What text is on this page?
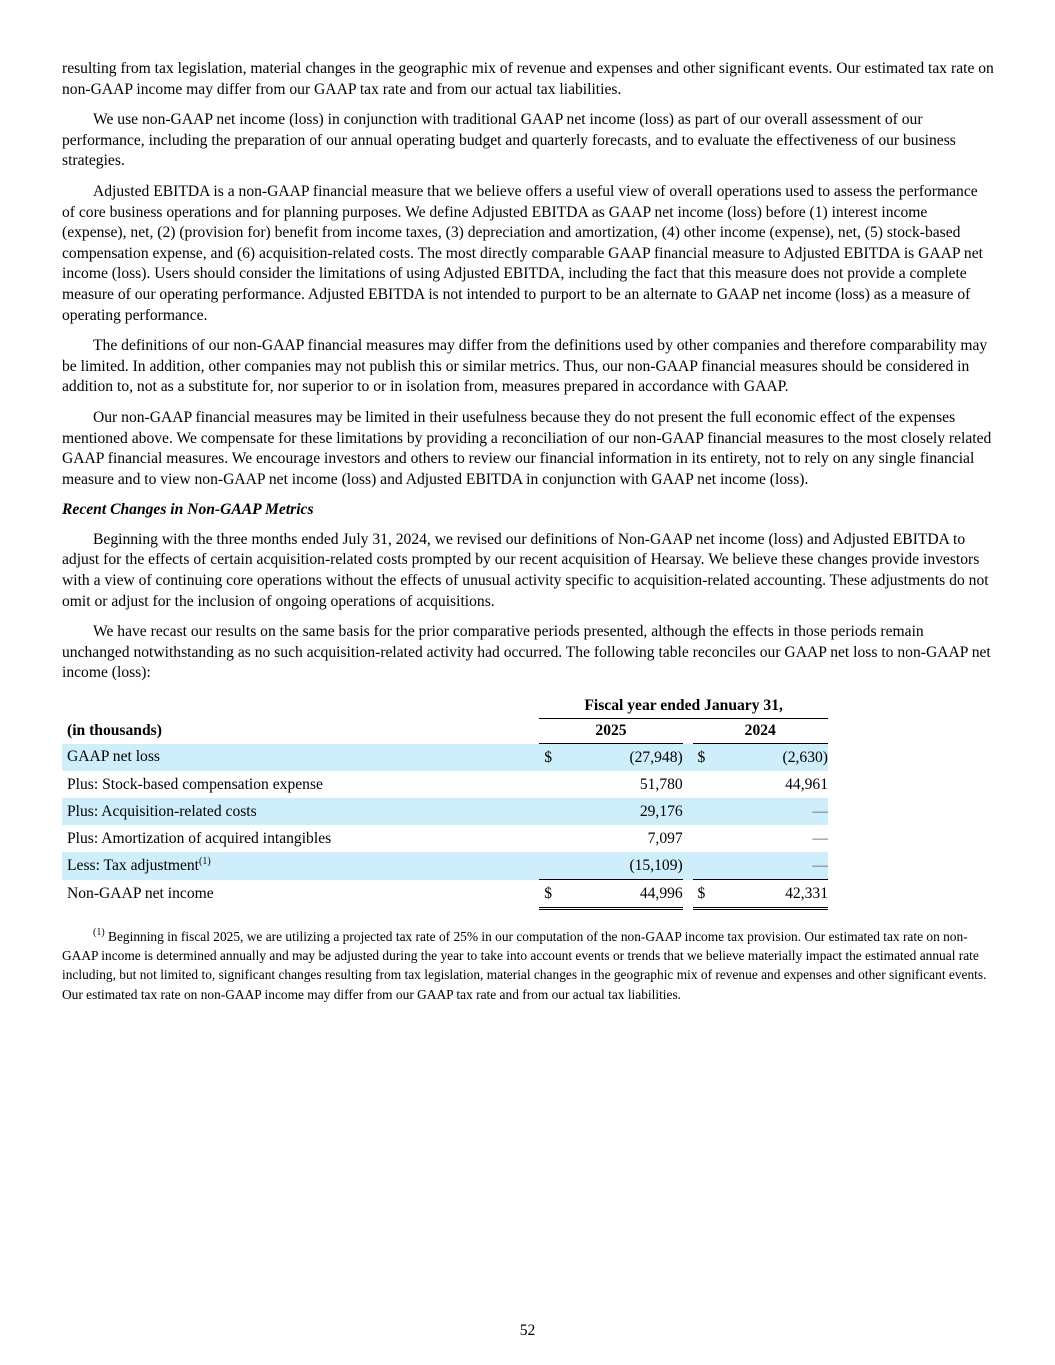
resulting from tax legislation, material changes in the geographic mix of revenue and expenses and other significant events. Our estimated tax rate on non-GAAP income may differ from our GAAP tax rate and from our actual tax liabilities.

We use non-GAAP net income (loss) in conjunction with traditional GAAP net income (loss) as part of our overall assessment of our performance, including the preparation of our annual operating budget and quarterly forecasts, and to evaluate the effectiveness of our business strategies.

Adjusted EBITDA is a non-GAAP financial measure that we believe offers a useful view of overall operations used to assess the performance of core business operations and for planning purposes. We define Adjusted EBITDA as GAAP net income (loss) before (1) interest income (expense), net, (2) (provision for) benefit from income taxes, (3) depreciation and amortization, (4) other income (expense), net, (5) stock-based compensation expense, and (6) acquisition-related costs. The most directly comparable GAAP financial measure to Adjusted EBITDA is GAAP net income (loss). Users should consider the limitations of using Adjusted EBITDA, including the fact that this measure does not provide a complete measure of our operating performance. Adjusted EBITDA is not intended to purport to be an alternate to GAAP net income (loss) as a measure of operating performance.

The definitions of our non-GAAP financial measures may differ from the definitions used by other companies and therefore comparability may be limited. In addition, other companies may not publish this or similar metrics. Thus, our non-GAAP financial measures should be considered in addition to, not as a substitute for, nor superior to or in isolation from, measures prepared in accordance with GAAP.

Our non-GAAP financial measures may be limited in their usefulness because they do not present the full economic effect of the expenses mentioned above. We compensate for these limitations by providing a reconciliation of our non-GAAP financial measures to the most closely related GAAP financial measures. We encourage investors and others to review our financial information in its entirety, not to rely on any single financial measure and to view non-GAAP net income (loss) and Adjusted EBITDA in conjunction with GAAP net income (loss).

Recent Changes in Non-GAAP Metrics

Beginning with the three months ended July 31, 2024, we revised our definitions of Non-GAAP net income (loss) and Adjusted EBITDA to adjust for the effects of certain acquisition-related costs prompted by our recent acquisition of Hearsay. We believe these changes provide investors with a view of continuing core operations without the effects of unusual activity specific to acquisition-related accounting. These adjustments do not omit or adjust for the inclusion of ongoing operations of acquisitions.

We have recast our results on the same basis for the prior comparative periods presented, although the effects in those periods remain unchanged notwithstanding as no such acquisition-related activity had occurred. The following table reconciles our GAAP net loss to non-GAAP net income (loss):

	Fiscal year ended January 31,				
(in thousands)	2025			2024	
GAAP net loss	$	(27,948)		$	(2,630)
Plus: Stock-based compensation expense		51,780			44,961
Plus: Acquisition-related costs		29,176			—
Plus: Amortization of acquired intangibles		7,097			—
Less: Tax adjustment$^{(1)}$		(15,109)			—
Non-GAAP net income	$	44,996		$	42,331

$^{(1)}$ Beginning in fiscal 2025, we are utilizing a projected tax rate of 25% in our computation of the non-GAAP income tax provision. Our estimated tax rate on non-GAAP income is determined annually and may be adjusted during the year to take into account events or trends that we believe materially impact the estimated annual rate including, but not limited to, significant changes resulting from tax legislation, material changes in the geographic mix of revenue and expenses and other significant events. Our estimated tax rate on non-GAAP income may differ from our GAAP tax rate and from our actual tax liabilities.

52
